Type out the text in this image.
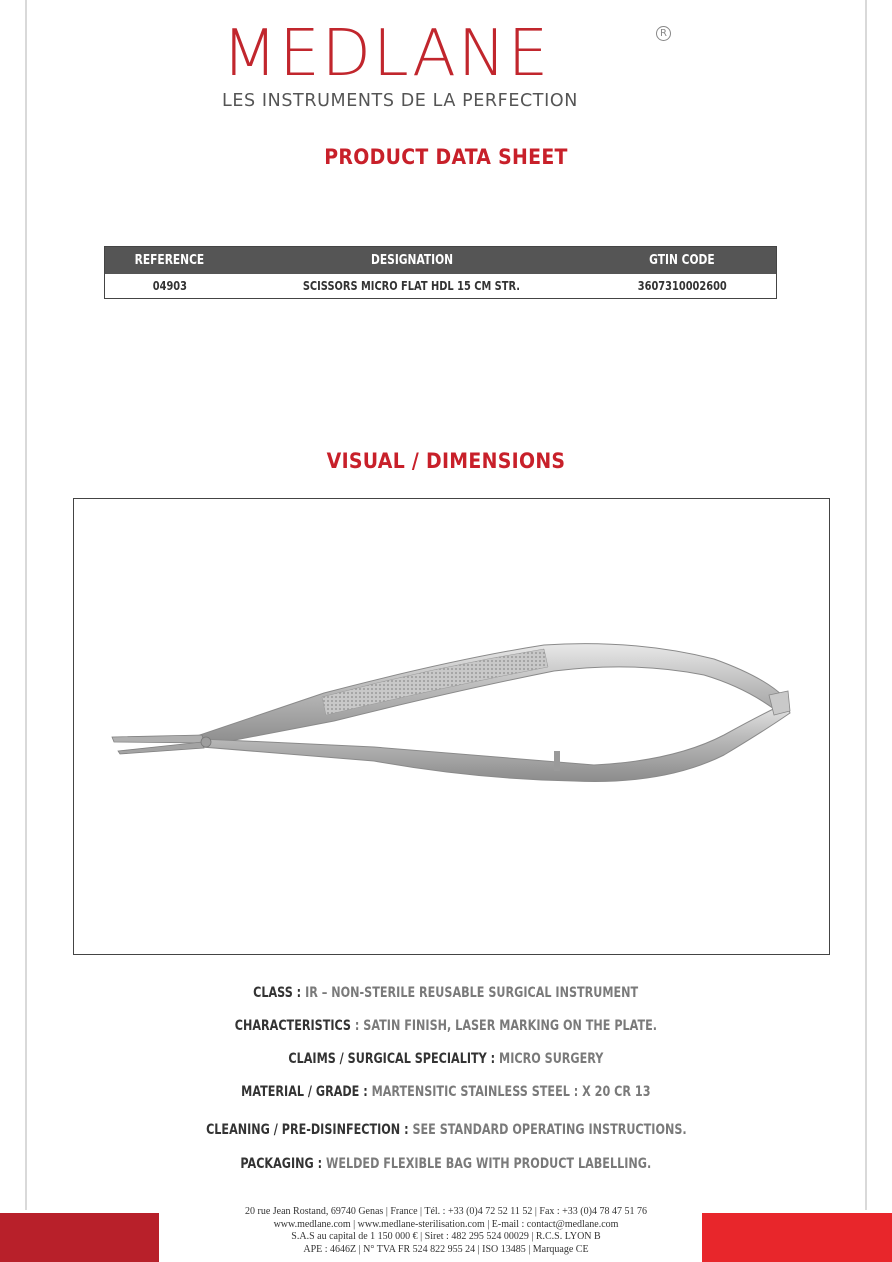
MEDLANE	R
LES INSTRUMENTS DE LA PERFECTION
PRODUCT DATA SHEET
REFERENCE	DESIGNATION	GTIN CODE
04903	SCISSORS MICRO FLAT HDL 15 CM STR.	3607310002600
VISUAL / DIMENSIONS
CLASS : IR – NON-STERILE REUSABLE SURGICAL INSTRUMENT
CHARACTERISTICS : SATIN FINISH, LASER MARKING ON THE PLATE.
CLAIMS / SURGICAL SPECIALITY : MICRO SURGERY
MATERIAL / GRADE : MARTENSITIC STAINLESS STEEL : X 20 CR 13
CLEANING / PRE-DISINFECTION : SEE STANDARD OPERATING INSTRUCTIONS.
PACKAGING : WELDED FLEXIBLE BAG WITH PRODUCT LABELLING.
20 rue Jean Rostand, 69740 Genas | France | Tél. : +33 (0)4 72 52 11 52 | Fax : +33 (0)4 78 47 51 76
www.medlane.com | www.medlane-sterilisation.com | E-mail : contact@medlane.com
S.A.S au capital de 1 150 000 € | Siret : 482 295 524 00029 | R.C.S. LYON B
APE : 4646Z | N° TVA FR 524 822 955 24 | ISO 13485 | Marquage CE
